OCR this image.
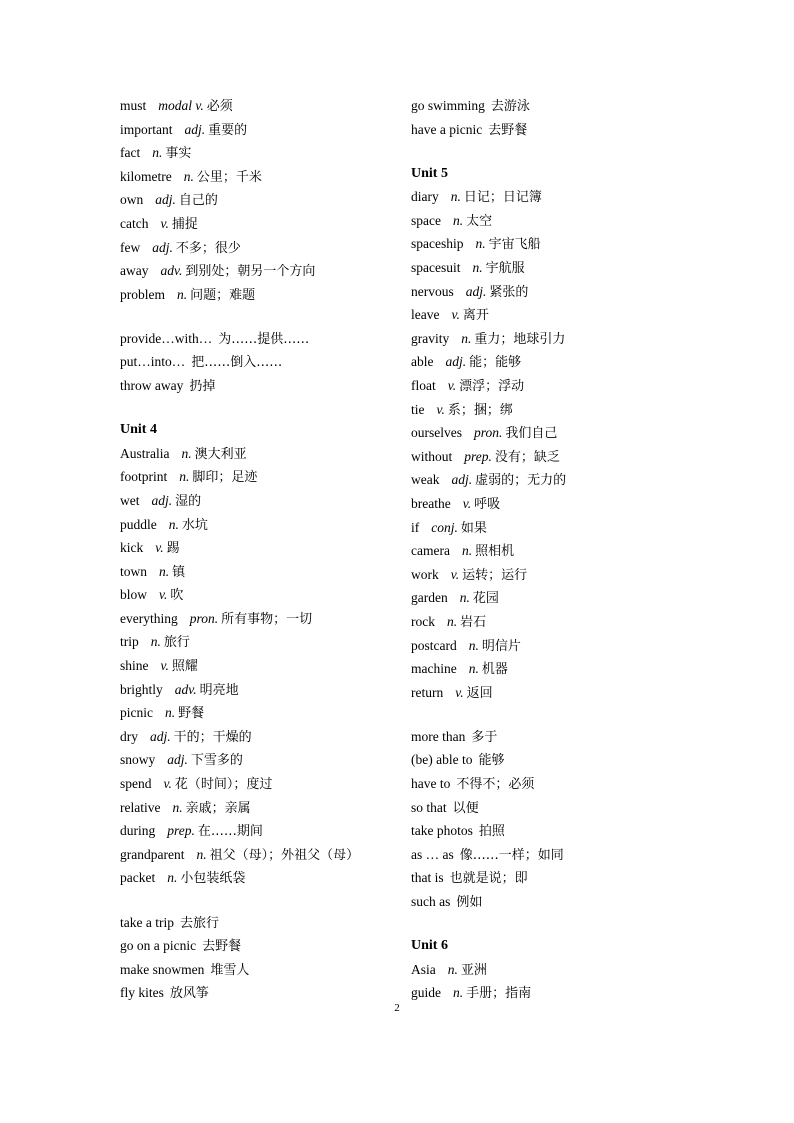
must modal v. 必须
important adj. 重要的
fact n. 事实
kilometre n. 公里；千米
own adj. 自己的
catch v. 捕捉
few adj. 不多；很少
away adv. 到别处；朝另一个方向
problem n. 问题；难题
provide…with… 为……提供……
put…into… 把……倒入……
throw away 扔掉
Unit 4
Australia n. 澳大利亚
footprint n. 脚印；足迹
wet adj. 湿的
puddle n. 水坑
kick v. 踢
town n. 镇
blow v. 吹
everything pron. 所有事物；一切
trip n. 旅行
shine v. 照耀
brightly adv. 明亮地
picnic n. 野餐
dry adj. 干的；干燥的
snowy adj. 下雪多的
spend v. 花（时间）；度过
relative n. 亲戚；亲属
during prep. 在……期间
grandparent n. 祖父（母）；外祖父（母）
packet n. 小包装纸袋
take a trip 去旅行
go on a picnic 去野餐
make snowmen 堆雪人
fly kites 放风筝
go swimming 去游泳
have a picnic 去野餐
Unit 5
diary n. 日记；日记簿
space n. 太空
spaceship n. 宇宙飞船
spacesuit n. 宇航服
nervous adj. 紧张的
leave v. 离开
gravity n. 重力；地球引力
able adj. 能；能够
float v. 漂浮；浮动
tie v. 系；捆；绑
ourselves pron. 我们自己
without prep. 没有；缺乏
weak adj. 虚弱的；无力的
breathe v. 呼吸
if conj. 如果
camera n. 照相机
work v. 运转；运行
garden n. 花园
rock n. 岩石
postcard n. 明信片
machine n. 机器
return v. 返回
more than 多于
(be) able to 能够
have to 不得不；必须
so that 以便
take photos 拍照
as … as 像……一样；如同
that is 也就是说；即
such as 例如
Unit 6
Asia n. 亚洲
guide n. 手册；指南
2
